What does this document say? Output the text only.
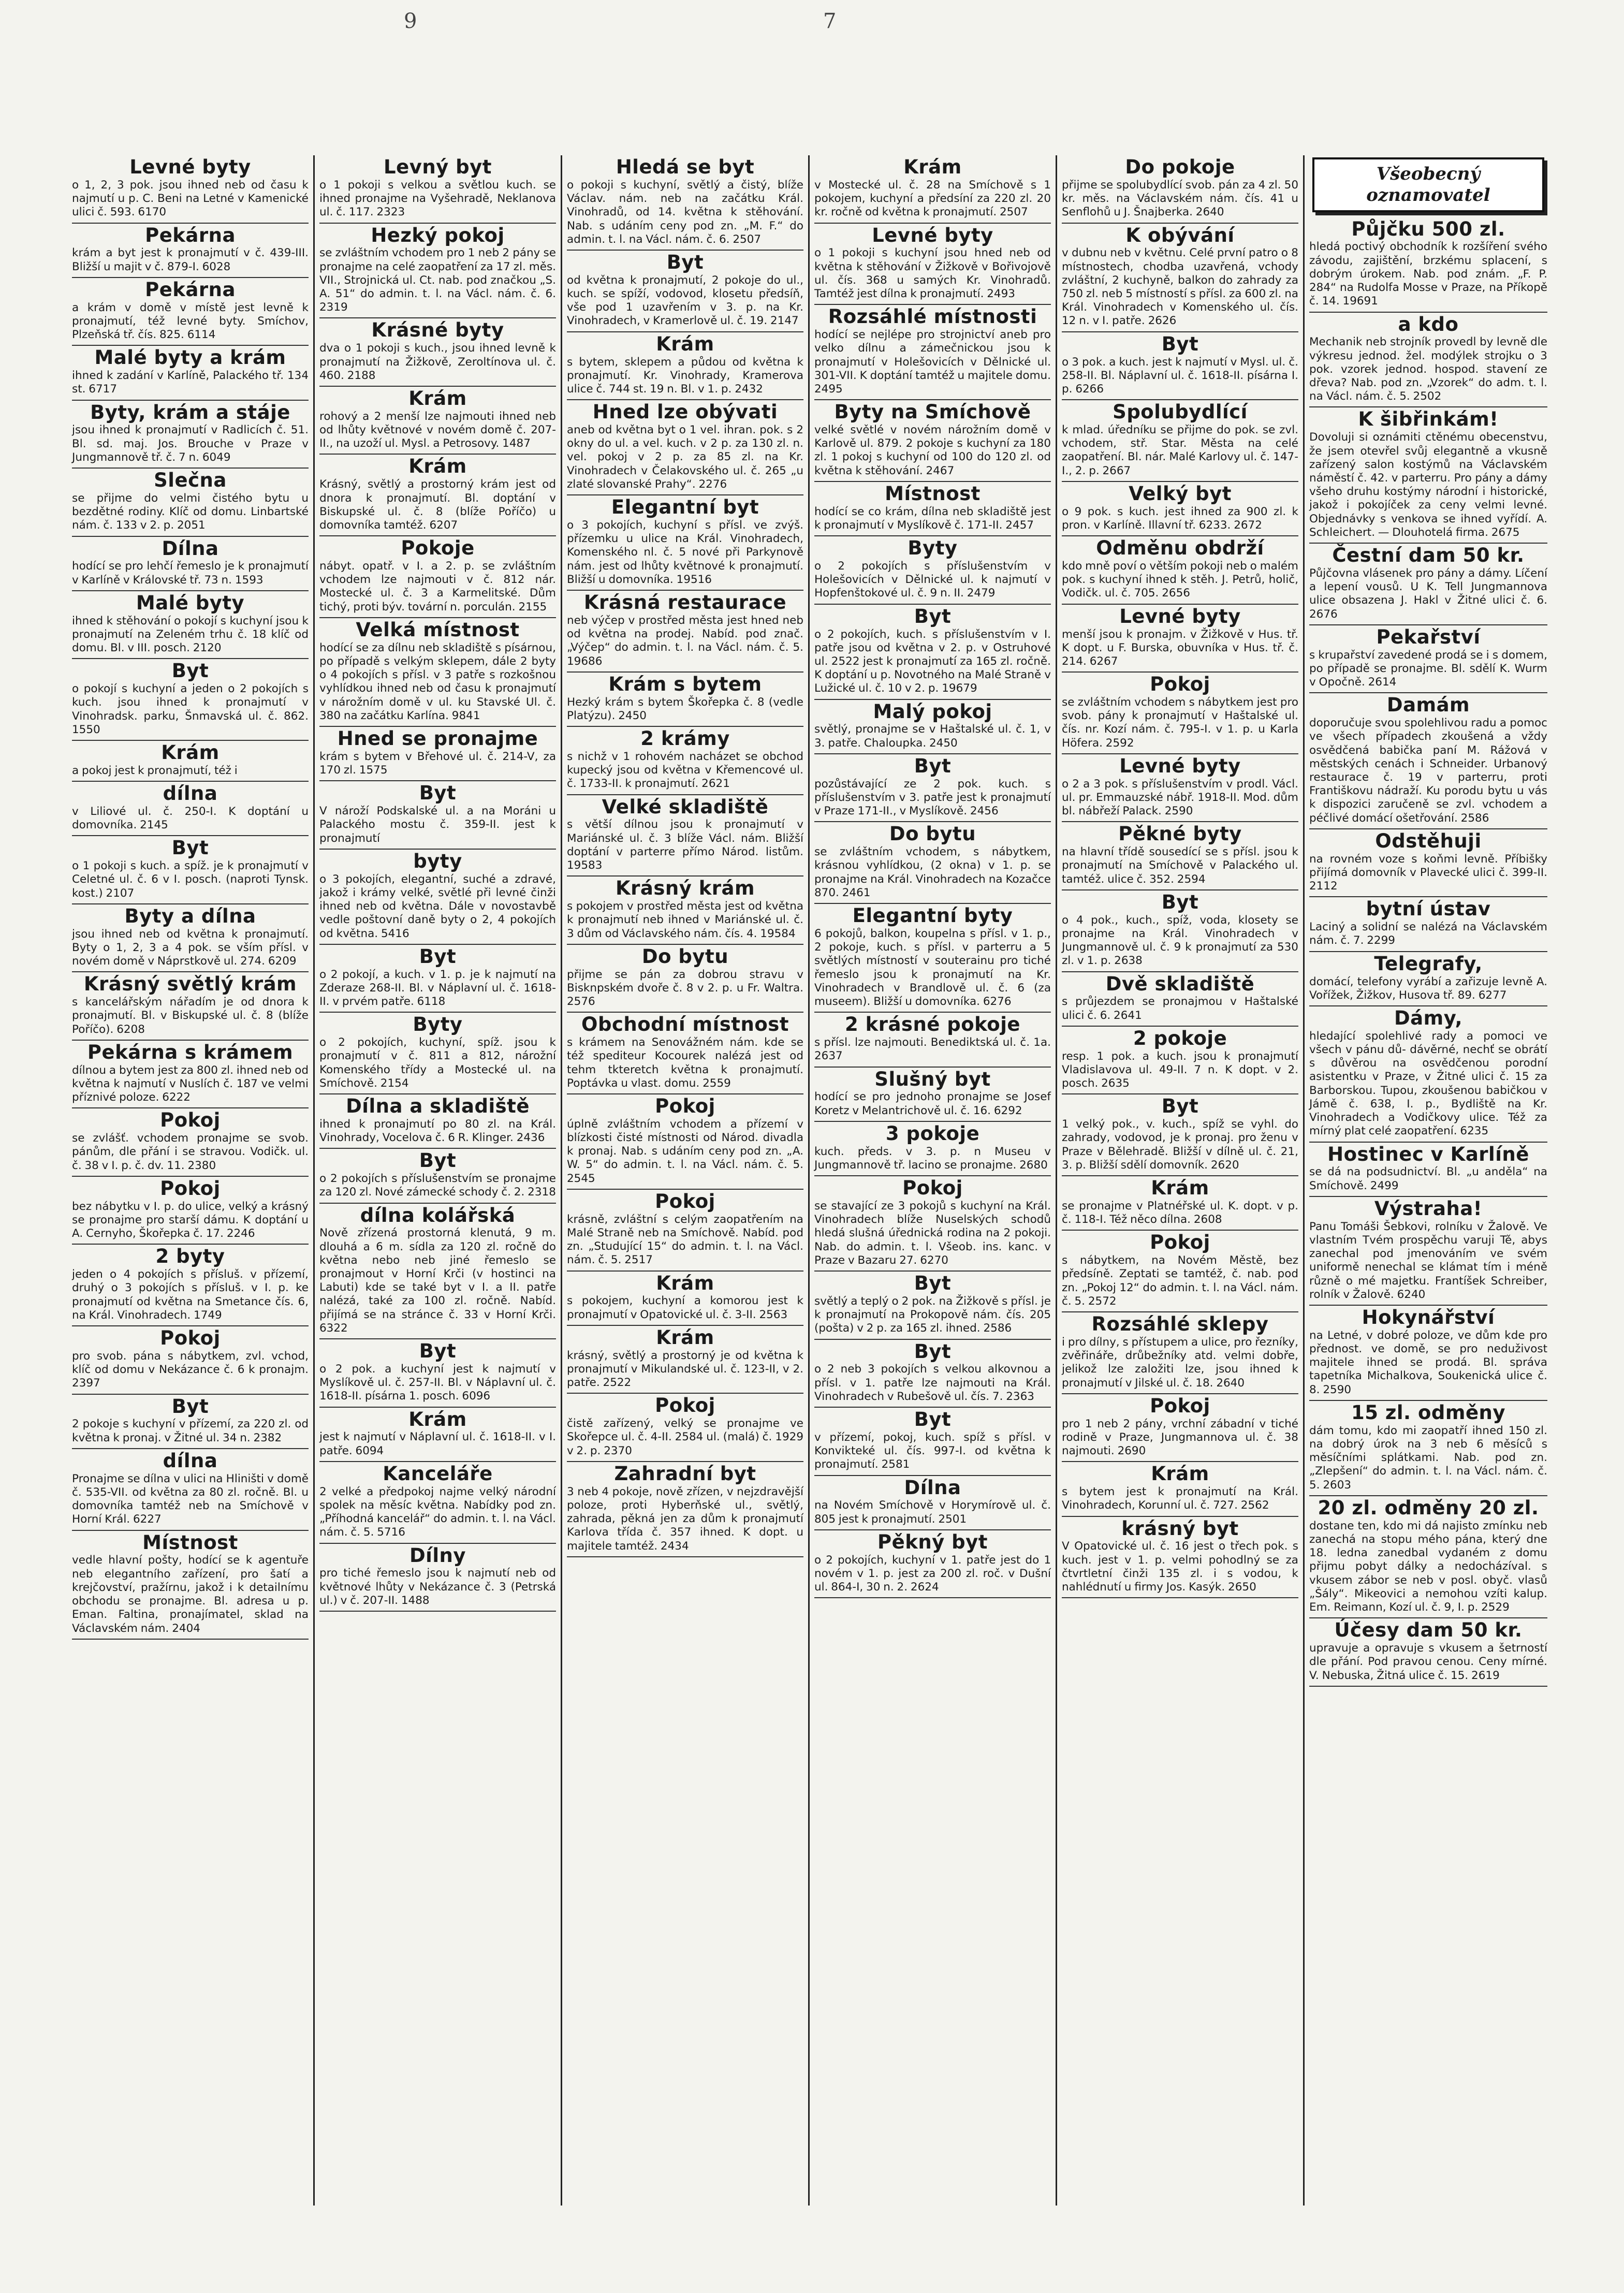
9	7
Levné byty

o 1, 2, 3 pok. jsou ihned neb od času k najmutí u p. C. Beni na Letné v Kamenické ulici č. 593. 6170

Pekárna

krám a byt jest k pronajmutí v č. 439-III. Bližší u majit v č. 879-I. 6028

Pekárna

a krám v domě v místě jest levně k pronajmutí, též levné byty. Smíchov, Plzeňská tř. čís. 825. 6114

Malé byty a krám

ihned k zadání v Karlíně, Palackého tř. 134 st. 6717

Byty, krám a stáje

jsou ihned k pronajmutí v Radlicích č. 51. Bl. sd. maj. Jos. Brouche v Praze v Jungmannově tř. č. 7 n. 6049

Slečna

se přijme do velmi čistého bytu u bezdětné rodiny. Klíč od domu. Linbartské nám. č. 133 v 2. p. 2051

Dílna

hodící se pro lehčí řemeslo je k pronajmutí v Karlíně v Královské tř. 73 n. 1593

Malé byty

ihned k stěhování o pokojí s kuchyní jsou k pronajmutí na Zeleném trhu č. 18 klíč od domu. Bl. v III. posch. 2120

Byt

o pokojí s kuchyní a jeden o 2 pokojích s kuch. jsou ihned k pronajmutí v Vinohradsk. parku, Šnmavská ul. č. 862. 1550

Krám

a pokoj jest k pronajmutí, též i

dílna

v Liliové ul. č. 250-I. K doptání u domovníka. 2145

Byt

o 1 pokoji s kuch. a spíž. je k pronajmutí v Celetné ul. č. 6 v I. posch. (naproti Tynsk. kost.) 2107

Byty a dílna

jsou ihned neb od května k pronajmutí. Byty o 1, 2, 3 a 4 pok. se vším přísl. v novém domě v Náprstkově ul. 274. 6209

Krásný světlý krám

s kancelářským nářadím je od dnora k pronajmutí. Bl. v Biskupské ul. č. 8 (blíže Poříčo). 6208

Pekárna s krámem

dílnou a bytem jest za 800 zl. ihned neb od května k najmutí v Nuslích č. 187 ve velmi příznivé poloze. 6222

Pokoj

se zvlášť. vchodem pronajme se svob. pánům, dle přání i se stravou. Vodičk. ul. č. 38 v I. p. č. dv. 11. 2380

Pokoj

bez nábytku v I. p. do ulice, velký a krásný se pronajme pro starší dámu. K doptání u A. Cernyho, Škořepka č. 17. 2246

2 byty

jeden o 4 pokojích s přísluš. v přízemí, druhý o 3 pokojích s přísluš. v I. p. ke pronajmutí od května na Smetance čís. 6, na Král. Vinohradech. 1749

Pokoj

pro svob. pána s nábytkem, zvl. vchod, klíč od domu v Nekázance č. 6 k pronajm. 2397

Byt

2 pokoje s kuchyní v přízemí, za 220 zl. od května k pronaj. v Žitné ul. 34 n. 2382

dílna

Pronajme se dílna v ulici na Hliništi v domě č. 535-VII. od května za 80 zl. ročně. Bl. u domovníka tamtéž neb na Smíchově v Horní Král. 6227

Místnost

vedle hlavní pošty, hodící se k agentuře neb elegantního zařízení, pro šatí a krejčovství, pražírnu, jakož i k detailnímu obchodu se pronajme. Bl. adresa u p. Eman. Faltina, pronajímatel, sklad na Václavském nám. 2404

Levný byt

o 1 pokoji s velkou a světlou kuch. se ihned pronajme na Vyšehradě, Neklanova ul. č. 117. 2323

Hezký pokoj

se zvláštním vchodem pro 1 neb 2 pány se pronajme na celé zaopatření za 17 zl. měs. VII., Strojnická ul. Ct. nab. pod značkou „S. A. 51“ do admin. t. l. na Václ. nám. č. 6. 2319

Krásné byty

dva o 1 pokoji s kuch., jsou ihned levně k pronajmutí na Žižkově, Zeroltínova ul. č. 460. 2188

Krám

rohový a 2 menší lze najmouti ihned neb od lhůty květnové v novém domě č. 207-II., na uzoží ul. Mysl. a Petrosovy. 1487

Krám

Krásný, světlý a prostorný krám jest od dnora k pronajmutí. Bl. doptání v Biskupské ul. č. 8 (blíže Poříčo) u domovníka tamtéž. 6207

Pokoje

nábyt. opatř. v I. a 2. p. se zvláštním vchodem lze najmouti v č. 812 nár. Mostecké ul. č. 3 a Karmelitské. Dům tichý, proti býv. tovární n. porculán. 2155

Velká místnost

hodící se za dílnu neb skladiště s písárnou, po případě s velkým sklepem, dále 2 byty o 4 pokojích s přísl. v 3 patře s rozkošnou vyhlídkou ihned neb od času k pronajmutí v nárožním domě v ul. ku Stavské Ul. č. 380 na začátku Karlína. 9841

Hned se pronajme

krám s bytem v Břehové ul. č. 214-V, za 170 zl. 1575

Byt

V nároží Podskalské ul. a na Moráni u Palackého mostu č. 359-II. jest k pronajmutí

byty

o 3 pokojích, elegantní, suché a zdravé, jakož i krámy velké, světlé při levné činži ihned neb od května. Dále v novostavbě vedle poštovní daně byty o 2, 4 pokojích od května. 5416

Byt

o 2 pokojí, a kuch. v 1. p. je k najmutí na Zderaze 268-II. Bl. v Náplavní ul. č. 1618-II. v prvém patře. 6118

Byty

o 2 pokojích, kuchyní, spíž. jsou k pronajmutí v č. 811 a 812, nárožní Komenského třídy a Mostecké ul. na Smíchově. 2154

Dílna a skladiště

ihned k pronajmutí po 80 zl. na Král. Vinohrady, Vocelova č. 6 R. Klinger. 2436

Byt

o 2 pokojích s příslušenstvím se pronajme za 120 zl. Nové zámecké schody č. 2. 2318

dílna kolářská

Nově zřízená prostorná klenutá, 9 m. dlouhá a 6 m. sídla za 120 zl. ročně do května nebo neb jiné řemeslo se pronajmout v Horní Krči (v hostinci na Labuti) kde se také byt v I. a II. patře nalézá, také za 100 zl. ročně. Nabíd. přijímá se na stránce č. 33 v Horní Krči. 6322

Byt

o 2 pok. a kuchyní jest k najmutí v Myslíkově ul. č. 257-II. Bl. v Náplavní ul. č. 1618-II. písárna 1. posch. 6096

Krám

jest k najmutí v Náplavní ul. č. 1618-II. v I. patře. 6094

Kanceláře

2 velké a předpokoj najme velký národní spolek na měsíc května. Nabídky pod zn. „Příhodná kancelář“ do admin. t. l. na Václ. nám. č. 5. 5716

Dílny

pro tiché řemeslo jsou k najmutí neb od květnové lhůty v Nekázance č. 3 (Petrská ul.) v č. 207-II. 1488

Hledá se byt

o pokoji s kuchyní, světlý a čistý, blíže Václav. nám. neb na začátku Král. Vinohradů, od 14. května k stěhování. Nab. s udáním ceny pod zn. „M. F.“ do admin. t. l. na Václ. nám. č. 6. 2507

Byt

od května k pronajmutí, 2 pokoje do ul., kuch. se spíží, vodovod, klosetu předsíň, vše pod 1 uzavřením v 3. p. na Kr. Vinohradech, v Kramerlově ul. č. 19. 2147

Krám

s bytem, sklepem a půdou od května k pronajmutí. Kr. Vinohrady, Kramerova ulice č. 744 st. 19 n. Bl. v 1. p. 2432

Hned lze obývati

aneb od května byt o 1 vel. ihran. pok. s 2 okny do ul. a vel. kuch. v 2 p. za 130 zl. n. vel. pokoj v 2 p. za 85 zl. na Kr. Vinohradech v Čelakovského ul. č. 265 „u zlaté slovanské Prahy“. 2276

Elegantní byt

o 3 pokojích, kuchyní s přísl. ve zvýš. přízemku u ulice na Král. Vinohradech, Komenského nl. č. 5 nové při Parkynově nám. jest od lhůty květnové k pronajmutí. Bližší u domovníka. 19516

Krásná restaurace

neb výčep v prostřed města jest hned neb od května na prodej. Nabíd. pod znač. „Výčep“ do admin. t. l. na Václ. nám. č. 5. 19686

Krám s bytem

Hezký krám s bytem Škořepka č. 8 (vedle Platýzu). 2450

2 krámy

s nichž v 1 rohovém nacházet se obchod kupecký jsou od května v Křemencové ul. č. 1733-II. k pronajmutí. 2621

Velké skladiště

s větší dílnou jsou k pronajmutí v Mariánské ul. č. 3 blíže Václ. nám. Bližší doptání v parterre přímo Národ. listům. 19583

Krásný krám

s pokojem v prostřed města jest od května k pronajmutí neb ihned v Mariánské ul. č. 3 dům od Václavského nám. čís. 4. 19584

Do bytu

přijme se pán za dobrou stravu v Bisknpském dvoře č. 8 v 2. p. u Fr. Waltra. 2576

Obchodní místnost

s krámem na Senovážném nám. kde se též spediteur Kocourek nalézá jest od tehm tkteretch května k pronajmutí. Poptávka u vlast. domu. 2559

Pokoj

úplně zvláštním vchodem a přízemí v blízkosti čisté místnosti od Národ. divadla k pronaj. Nab. s udáním ceny pod zn. „A. W. 5“ do admin. t. l. na Václ. nám. č. 5. 2545

Pokoj

krásně, zvláštní s celým zaopatřením na Malé Straně neb na Smíchově. Nabíd. pod zn. „Studující 15“ do admin. t. l. na Václ. nám. č. 5. 2517

Krám

s pokojem, kuchyní a komorou jest k pronajmutí v Opatovické ul. č. 3-II. 2563

Krám

krásný, světlý a prostorný je od května k pronajmutí v Mikulandské ul. č. 123-II, v 2. patře. 2522

Pokoj

čistě zařízený, velký se pronajme ve Skořepce ul. č. 4-II. 2584 ul. (malá) č. 1929 v 2. p. 2370

Zahradní byt

3 neb 4 pokoje, nově zřízen, v nejzdravější poloze, proti Hyberňské ul., světlý, zahrada, pěkná jen za dům k pronajmutí Karlova třída č. 357 ihned. K dopt. u majitele tamtéž. 2434

Krám

v Mostecké ul. č. 28 na Smíchově s 1 pokojem, kuchyní a předsíní za 220 zl. 20 kr. ročně od května k pronajmutí. 2507

Levné byty

o 1 pokoji s kuchyní jsou hned neb od května k stěhování v Žižkově v Bořivojově ul. čís. 368 u samých Kr. Vinohradů. Tamtéž jest dílna k pronajmutí. 2493

Rozsáhlé místnosti

hodící se nejlépe pro strojnictví aneb pro velko dílnu a zámečnickou jsou k pronajmutí v Holešovicích v Dělnické ul. 301-VII. K doptání tamtéž u majitele domu. 2495

Byty na Smíchově

velké světlé v novém nárožním domě v Karlově ul. 879. 2 pokoje s kuchyní za 180 zl. 1 pokoj s kuchyní od 100 do 120 zl. od května k stěhování. 2467

Místnost

hodící se co krám, dílna neb skladiště jest k pronajmutí v Myslíkově č. 171-II. 2457

Byty

o 2 pokojích s příslušenstvím v Holešovicích v Dělnické ul. k najmutí v Hopfenštokové ul. č. 9 n. II. 2479

Byt

o 2 pokojích, kuch. s příslušenstvím v I. patře jsou od května v 2. p. v Ostruhové ul. 2522 jest k pronajmutí za 165 zl. ročně. K doptání u p. Novotného na Malé Straně v Lužické ul. č. 10 v 2. p. 19679

Malý pokoj

světlý, pronajme se v Haštalské ul. č. 1, v 3. patře. Chaloupka. 2450

Byt

pozůstávající ze 2 pok. kuch. s příslušenstvím v 3. patře jest k pronajmutí v Praze 171-II., v Myslíkově. 2456

Do bytu

se zvláštním vchodem, s nábytkem, krásnou vyhlídkou, (2 okna) v 1. p. se pronajme na Král. Vinohradech na Kozačce 870. 2461

Elegantní byty

6 pokojů, balkon, koupelna s přísl. v 1. p., 2 pokoje, kuch. s přísl. v parterru a 5 světlých místností v souterainu pro tiché řemeslo jsou k pronajmutí na Kr. Vinohradech v Brandlově ul. č. 6 (za museem). Bližší u domovníka. 6276

2 krásné pokoje

s přísl. lze najmouti. Benediktská ul. č. 1a. 2637

Slušný byt

hodící se pro jednoho pronajme se Josef Koretz v Melantrichově ul. č. 16. 6292

3 pokoje

kuch. předs. v 3. p. n Museu v Jungmannově tř. lacino se pronajme. 2680

Pokoj

se stavající ze 3 pokojů s kuchyní na Král. Vinohradech blíže Nuselských schodů hledá slušná úřednická rodina na 2 pokoji. Nab. do admin. t. l. Všeob. ins. kanc. v Praze v Bazaru 27. 6270

Byt

světlý a teplý o 2 pok. na Žižkově s přísl. je k pronajmutí na Prokopově nám. čís. 205 (pošta) v 2 p. za 165 zl. ihned. 2586

Byt

o 2 neb 3 pokojích s velkou alkovnou a přísl. v 1. patře lze najmouti na Král. Vinohradech v Rubešově ul. čís. 7. 2363

Byt

v přízemí, pokoj, kuch. spíž s přísl. v Konvikteké ul. čís. 997-I. od května k pronajmutí. 2581

Dílna

na Novém Smíchově v Horymírově ul. č. 805 jest k pronajmutí. 2501

Pěkný byt

o 2 pokojích, kuchyní v 1. patře jest do 1 novém v 1. p. jest za 200 zl. roč. v Dušní ul. 864-I, 30 n. 2. 2624

Do pokoje

přijme se spolubydlící svob. pán za 4 zl. 50 kr. měs. na Václavském nám. čís. 41 u Senflohů u J. Šnajberka. 2640

K obývání

v dubnu neb v květnu. Celé první patro o 8 místnostech, chodba uzavřená, vchody zvláštní, 2 kuchyně, balkon do zahrady za 750 zl. neb 5 místností s přísl. za 600 zl. na Král. Vinohradech v Komenského ul. čís. 12 n. v I. patře. 2626

Byt

o 3 pok. a kuch. jest k najmutí v Mysl. ul. č. 258-II. Bl. Náplavní ul. č. 1618-II. písárna I. p. 6266

Spolubydlící

k mlad. úředníku se přijme do pok. se zvl. vchodem, stř. Star. Města na celé zaopatření. Bl. nár. Malé Karlovy ul. č. 147-I., 2. p. 2667

Velký byt

o 9 pok. s kuch. jest ihned za 900 zl. k pron. v Karlíně. Illavní tř. 6233. 2672

Odměnu obdrží

kdo mně poví o větším pokoji neb o malém pok. s kuchyní ihned k stěh. J. Petrů, holič, Vodičk. ul. č. 705. 2656

Levné byty

menší jsou k pronajm. v Žižkově v Hus. tř. K dopt. u F. Burska, obuvníka v Hus. tř. č. 214. 6267

Pokoj

se zvláštním vchodem s nábytkem jest pro svob. pány k pronajmutí v Haštalské ul. čís. nr. Kozí nám. č. 795-I. v 1. p. u Karla Höfera. 2592

Levné byty

o 2 a 3 pok. s příslušenstvím v prodl. Václ. ul. pr. Emmauzské nábř. 1918-II. Mod. dům bl. nábřeží Palack. 2590

Pěkné byty

na hlavní třídě sousedící se s přísl. jsou k pronajmutí na Smíchově v Palackého ul. tamtéž. ulice č. 352. 2594

Byt

o 4 pok., kuch., spíž, voda, klosety se pronajme na Král. Vinohradech v Jungmannově ul. č. 9 k pronajmutí za 530 zl. v 1. p. 2638

Dvě skladiště

s průjezdem se pronajmou v Haštalské ulici č. 6. 2641

2 pokoje

resp. 1 pok. a kuch. jsou k pronajmutí Vladislavova ul. 49-II. 7 n. K dopt. v 2. posch. 2635

Byt

1 velký pok., v. kuch., spíž se vyhl. do zahrady, vodovod, je k pronaj. pro ženu v Praze v Bělehradě. Bližší v dílně ul. č. 21, 3. p. Bližší sdělí domovník. 2620

Krám

se pronajme v Platnéřské ul. K. dopt. v p. č. 118-I. Též něco dílna. 2608

Pokoj

s nábytkem, na Novém Městě, bez předsíně. Zeptati se tamtéž, č. nab. pod zn. „Pokoj 12“ do admin. t. l. na Václ. nám. č. 5. 2572

Rozsáhlé sklepy

i pro dílny, s přístupem a ulice, pro řezníky, zvěřináře, drůbežníky atd. velmi dobře, jelikož lze založiti lze, jsou ihned k pronajmutí v Jilské ul. č. 18. 2640

Pokoj

pro 1 neb 2 pány, vrchní zábadní v tiché rodině v Praze, Jungmannova ul. č. 38 najmouti. 2690

Krám

s bytem jest k pronajmutí na Král. Vinohradech, Korunní ul. č. 727. 2562

krásný byt

V Opatovické ul. č. 16 jest o třech pok. s kuch. jest v 1. p. velmi pohodlný se za čtvrtletní činži 135 zl. i s vodou, k nahlédnutí u firmy Jos. Kasýk. 2650

Všeobecný
oznamovatel
Půjčku 500 zl.

hledá poctivý obchodník k rozšíření svého závodu, zajištění, brzkému splacení, s dobrým úrokem. Nab. pod znám. „F. P. 284“ na Rudolfa Mosse v Praze, na Příkopě č. 14. 19691

a kdo

Mechanik neb strojník provedl by levně dle výkresu jednod. žel. modýlek strojku o 3 pok. vzorek jednod. hospod. stavení ze dřeva? Nab. pod zn. „Vzorek“ do adm. t. l. na Václ. nám. č. 5. 2502

K šibřinkám!

Dovoluji si oznámiti ctěnému obecenstvu, že jsem otevřel svůj elegantně a vkusně zařízený salon kostýmů na Václavském náměstí č. 42. v parterru. Pro pány a dámy všeho druhu kostýmy národní i historické, jakož i pokojíček za ceny velmi levné. Objednávky s venkova se ihned vyřídí. A. Schleichert. — Dlouhotelá firma. 2675

Čestní dam 50 kr.

Půjčovna vlásenek pro pány a dámy. Líčení a lepení vousů. U K. Tell Jungmannova ulice obsazena J. Hakl v Žitné ulici č. 6. 2676

Pekařství

s krupařství zavedené prodá se i s domem, po případě se pronajme. Bl. sdělí K. Wurm v Opočně. 2614

Damám

doporučuje svou spolehlivou radu a pomoc ve všech případech zkoušená a vždy osvědčená babička paní M. Rážová v městských cenách i Schneider. Urbanový restaurace č. 19 v parterru, proti Františkovu nádraží. Ku porodu bytu u vás k dispozici zaručeně se zvl. vchodem a péčlivé domácí ošetřování. 2586

Odstěhuji

na rovném voze s koňmi levně. Příbišky přijímá domovník v Plavecké ulici č. 399-II. 2112

bytní ústav

Laciný a solidní se nalézá na Václavském nám. č. 7. 2299

Telegrafy,

domácí, telefony vyrábí a zařizuje levně A. Vořížek, Žižkov, Husova tř. 89. 6277

Dámy,

hledající spolehlivé rady a pomoci ve všech v pánu dů- dávěrné, nechť se obrátí s důvěrou na osvědčenou porodní asistentku v Praze, v Žitné ulici č. 15 za Barborskou. Tupou, zkoušenou babičkou v Jámě č. 638, I. p., Bydliště na Kr. Vinohradech a Vodičkovy ulice. Též za mírný plat celé zaopatření. 6235

Hostinec v Karlíně

se dá na podsudnictví. Bl. „u anděla“ na Smíchově. 2499

Výstraha!

Panu Tomáši Šebkovi, rolníku v Žalově. Ve vlastním Tvém prospěchu varuji Tě, abys zanechal pod jmenováním ve svém uniformě nenechal se klámat tím i méně různě o mé majetku. Frantíšek Schreiber, rolník v Žalově. 6240

Hokynářství

na Letné, v dobré poloze, ve dům kde pro přednost. ve domě, se pro neduživost majitele ihned se prodá. Bl. správa tapetníka Michalkova, Soukenická ulice č. 8. 2590

15 zl. odměny

dám tomu, kdo mi zaopatří ihned 150 zl. na dobrý úrok na 3 neb 6 měsíců s měsíčními splátkami. Nab. pod zn. „Zlepšení“ do admin. t. l. na Václ. nám. č. 5. 2603

20 zl. odměny 20 zl.

dostane ten, kdo mi dá najisto zmínku neb zanechá na stopu mého pána, který dne 18. ledna zanedbal vydaném z domu přijmu pobyt dálky a nedocházíval. s vkusem zábor se neb v posl. obyč. vlasů „Šály“. Mikeovici a nemohou vzíti kalup. Em. Reimann, Kozí ul. č. 9, I. p. 2529

Účesy dam 50 kr.

upravuje a opravuje s vkusem a šetrností dle přání. Pod pravou cenou. Ceny mírné. V. Nebuska, Žitná ulice č. 15. 2619
